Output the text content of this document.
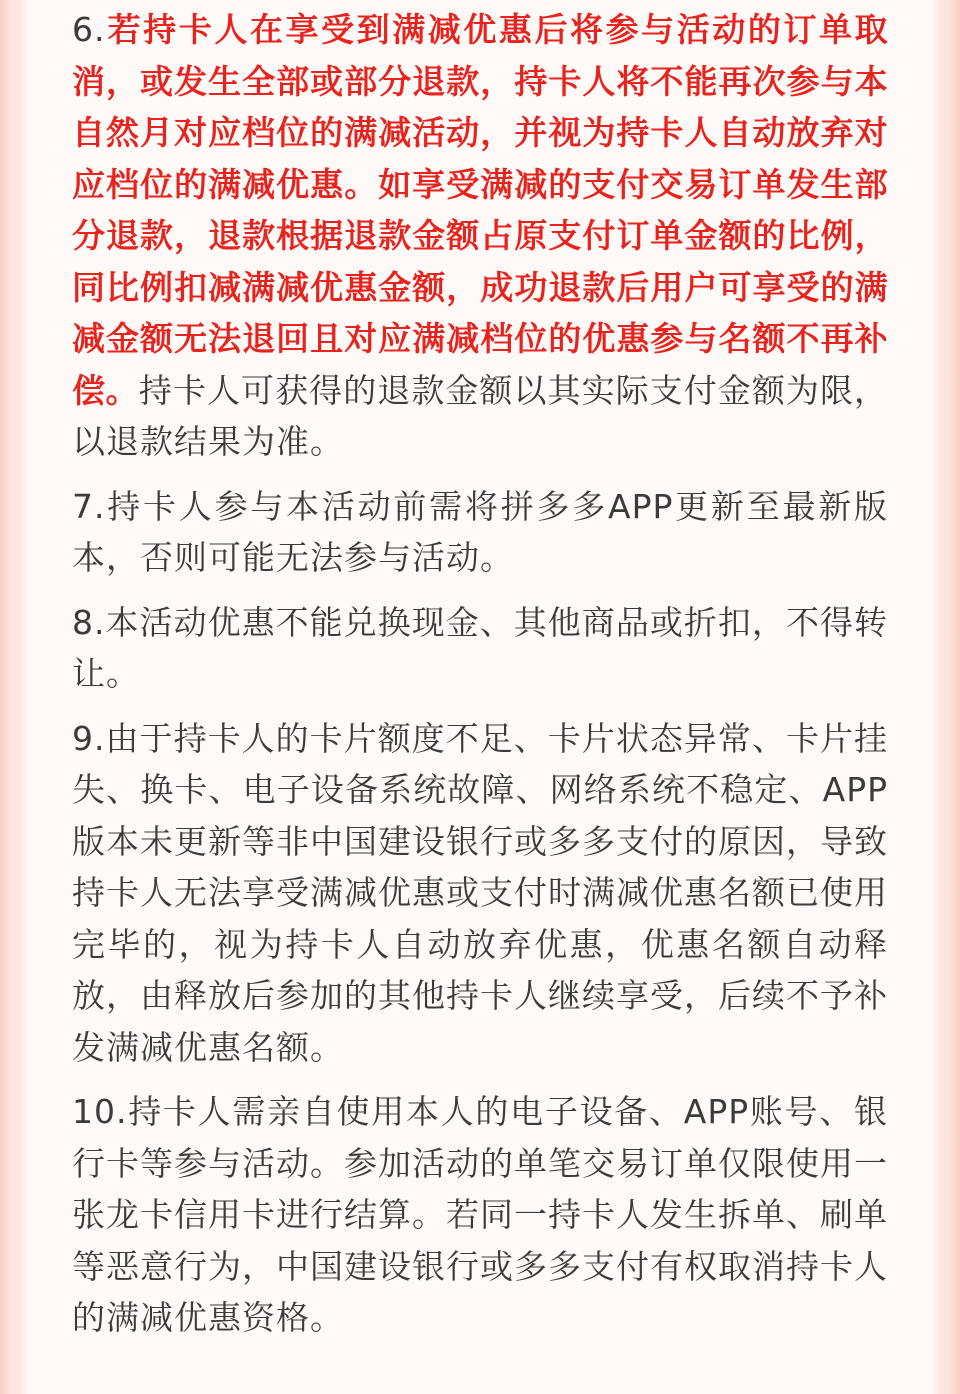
6.若持卡人在享受到满减优惠后将参与活动的订单取消，或发生全部或部分退款，持卡人将不能再次参与本自然月对应档位的满减活动，并视为持卡人自动放弃对应档位的满减优惠。如享受满减的支付交易订单发生部分退款，退款根据退款金额占原支付订单金额的比例，同比例扣减满减优惠金额，成功退款后用户可享受的满减金额无法退回且对应满减档位的优惠参与名额不再补偿。持卡人可获得的退款金额以其实际支付金额为限，以退款结果为准。

7.持卡人参与本活动前需将拼多多APP更新至最新版本，否则可能无法参与活动。

8.本活动优惠不能兑换现金、其他商品或折扣，不得转让。

9.由于持卡人的卡片额度不足、卡片状态异常、卡片挂失、换卡、电子设备系统故障、网络系统不稳定、APP版本未更新等非中国建设银行或多多支付的原因，导致持卡人无法享受满减优惠或支付时满减优惠名额已使用完毕的，视为持卡人自动放弃优惠，优惠名额自动释放，由释放后参加的其他持卡人继续享受，后续不予补发满减优惠名额。

10.持卡人需亲自使用本人的电子设备、APP账号、银行卡等参与活动。参加活动的单笔交易订单仅限使用一张龙卡信用卡进行结算。若同一持卡人发生拆单、刷单等恶意行为，中国建设银行或多多支付有权取消持卡人的满减优惠资格。
